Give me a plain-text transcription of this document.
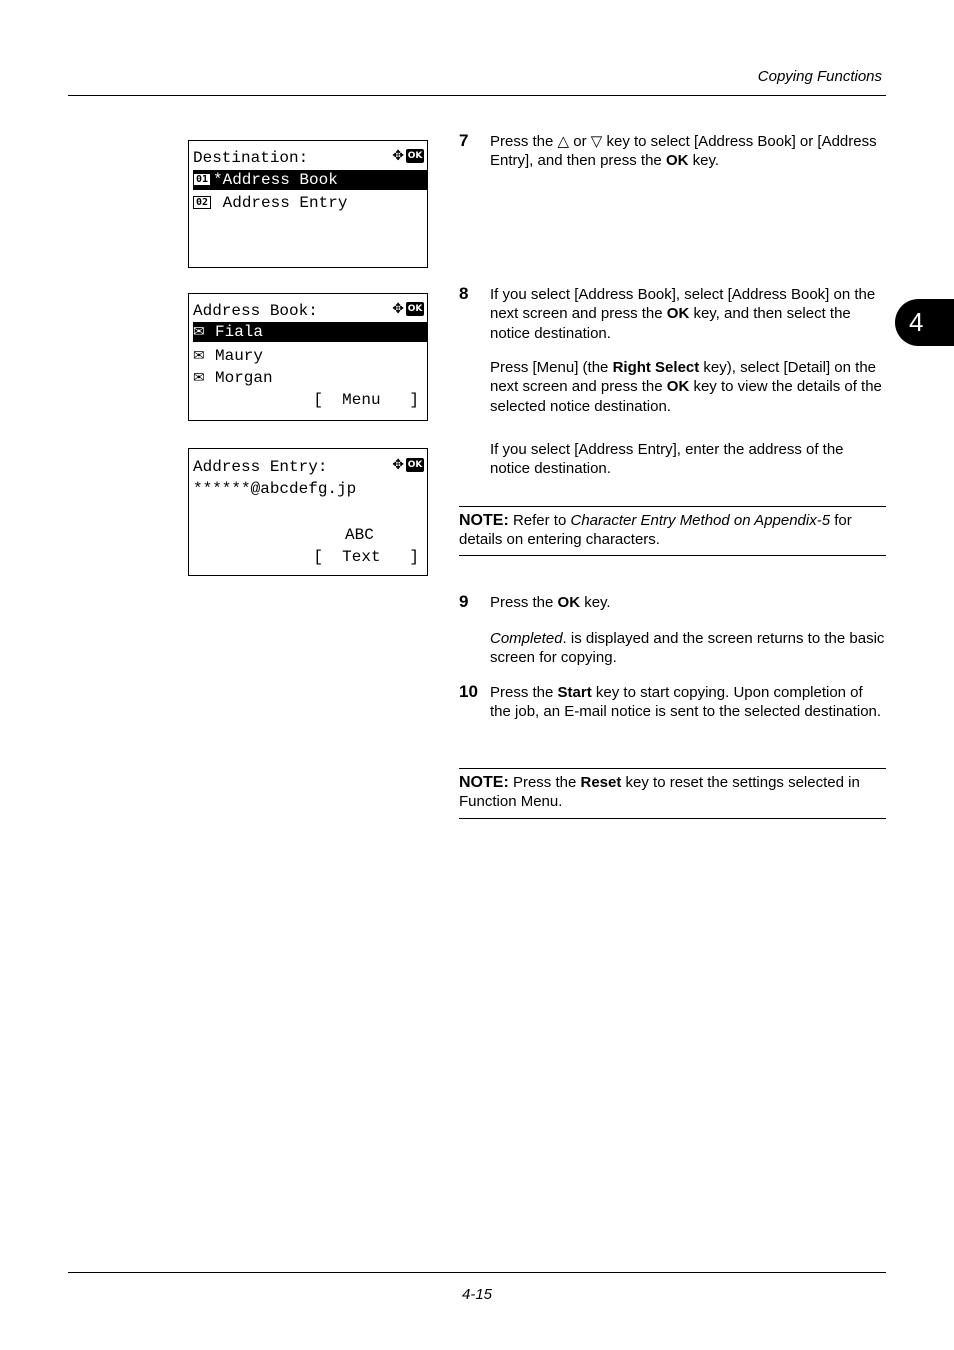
Copying Functions
4
Destination:	✥ OK
01 *Address Book
02 Address Entry
Address Book:	✥ OK
✉ Fiala
✉ Maury
✉ Morgan
[  Menu   ]
Address Entry:	✥ OK
******@abcdefg.jp
ABC
[  Text   ]
7 Press the △ or ▽ key to select [Address Book] or [Address Entry], and then press the OK key.
8 If you select [Address Book], select [Address Book] on the next screen and press the OK key, and then select the notice destination.
Press [Menu] (the Right Select key), select [Detail] on the next screen and press the OK key to view the details of the selected notice destination.
If you select [Address Entry], enter the address of the notice destination.
NOTE: Refer to Character Entry Method on Appendix-5 for details on entering characters.
9 Press the OK key.
Completed. is displayed and the screen returns to the basic screen for copying.
10 Press the Start key to start copying. Upon completion of the job, an E-mail notice is sent to the selected destination.
NOTE: Press the Reset key to reset the settings selected in Function Menu.
4-15
